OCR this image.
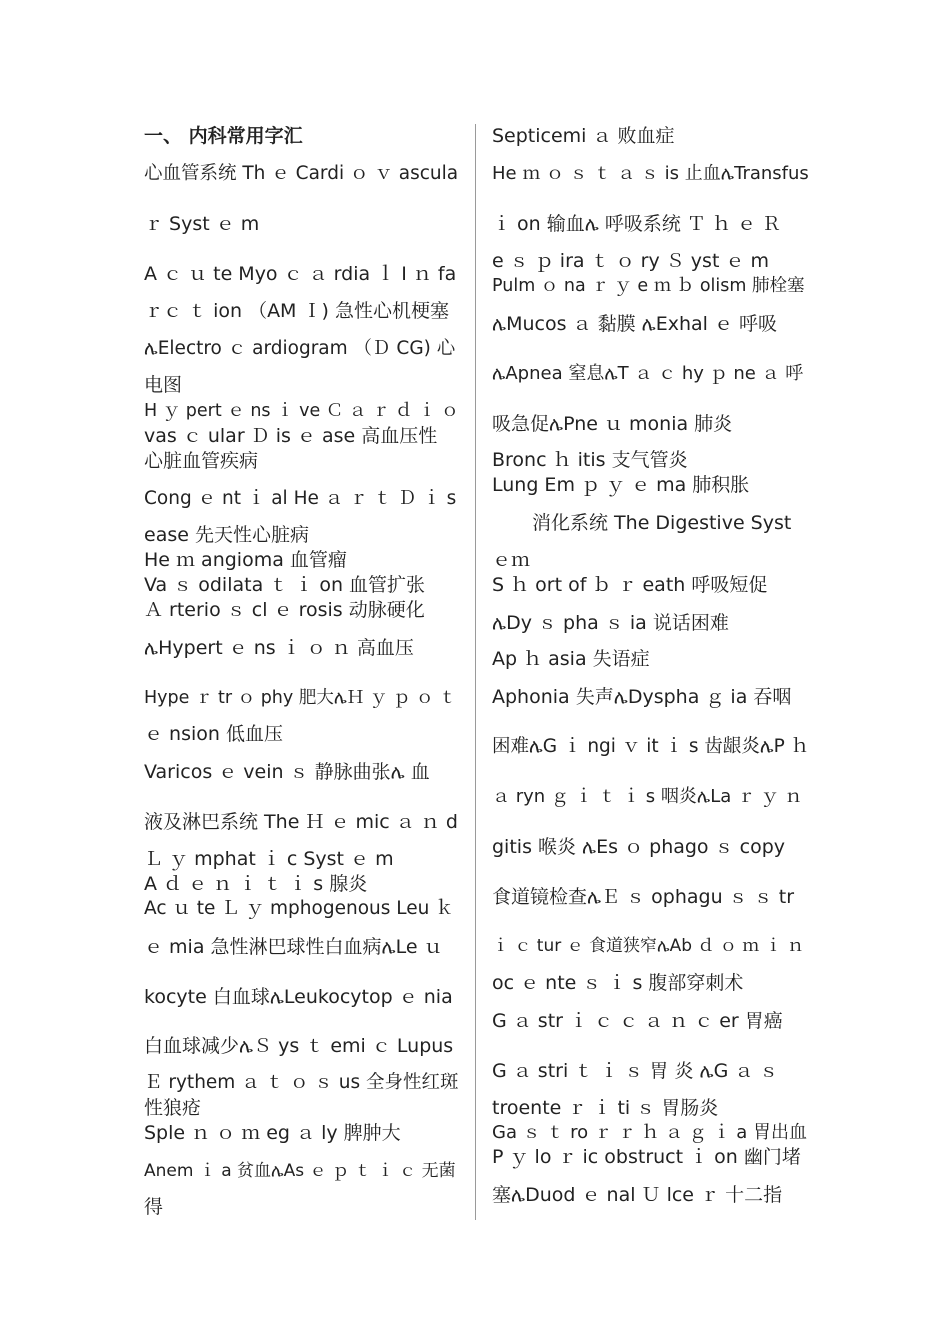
一、 内科常用字汇
心血管系统 Th ｅ Cardi ｏ ｖ ascula
ｒ Syst ｅ m
A ｃ ｕ te Myo ｃ ａ rdia ｌ I ｎ fa
ｒｃ ｔ ion （AM Ｉ) 急性心机梗塞
ሌElectro ｃ ardiogram （Ｄ CG) 心
电图
H ｙ pert ｅ ns ｉ ve Ｃ ａ ｒ ｄ ｉ ｏ
vas ｃ ular Ｄ is ｅ ase 高血压性
心脏血管疾病
Cong ｅ nt ｉ al He ａ ｒ ｔ Ｄ ｉ s
ease 先天性心脏病
He ｍ angioma 血管瘤
Va ｓ odilata ｔ ｉ on 血管扩张
Ａ rterio ｓ cl ｅ rosis 动脉硬化
ሌHypert ｅ ns ｉ ｏ ｎ 高血压
Hype ｒ tr ｏ phy 肥大ሌＨ ｙ ｐ ｏ ｔ
ｅ nsion 低血压
Varicos ｅ vein ｓ 静脉曲张ሌ 血
液及淋巴系统 The Ｈ ｅ mic ａ ｎ d
Ｌ ｙ mphat ｉ c Syst ｅ m
A ｄ ｅ ｎ ｉ ｔ ｉ s 腺炎
Ac ｕ te Ｌ ｙ mphogenous Leu ｋ
ｅ mia 急性淋巴球性白血病ሌLe ｕ
kocyte 白血球ሌLeukocytop ｅ nia
白血球减少ሌＳ ys ｔ emi ｃ Lupus
Ｅ rythem ａ ｔ ｏ ｓ us 全身性红斑
性狼疮
Sple ｎ ｏ ｍ eg ａ ly 脾肿大
Anem ｉ a 贫血ሌAs ｅ ｐ ｔ ｉ ｃ 无菌
得
Septicemi ａ 败血症
He ｍ ｏ ｓ ｔ ａ ｓ is 止血ሌTransfus
ｉ on 输血ሌ 呼吸系统 Ｔ ｈ ｅ Ｒ
e ｓ ｐ ira ｔ ｏ ry Ｓ yst ｅ m
Pulm ｏ na ｒ ｙ e ｍ ｂ olism 肺栓塞
ሌMucos ａ 黏膜 ሌExhal ｅ 呼吸
ሌApnea 窒息ሌT ａ ｃ hy ｐ ne ａ 呼
吸急促ሌPne ｕ monia 肺炎
Bronc ｈ itis 支气管炎
Lung Em ｐ ｙ ｅ ma 肺积胀
消化系统 The Digestive Syst
ｅｍ
S ｈ ort of ｂ ｒ eath 呼吸短促
ሌDy ｓ pha ｓ ia 说话困难
Ap ｈ asia 失语症
Aphonia 失声ሌDyspha ｇ ia 吞咽
困难ሌG ｉ ngi ｖ it ｉ s 齿龈炎ሌP ｈ
ａ ryn ｇ ｉ ｔ ｉ s 咽炎ሌLa ｒ ｙ ｎ
gitis 喉炎 ሌEs ｏ phago ｓ copy
食道镜检查ሌＥ ｓ ophagu ｓ ｓ tr
ｉ ｃ tur ｅ 食道狭窄ሌAb ｄ ｏ ｍ ｉ ｎ
oc ｅ nte ｓ ｉ s 腹部穿刺术
G ａ str ｉ ｃ ｃ ａ ｎ ｃ er 胃癌
G ａ stri ｔ ｉ ｓ 胃 炎 ሌG ａ ｓ
troente ｒ ｉ ti ｓ 胃肠炎
Ga ｓ ｔ ro ｒ ｒ ｈ ａ ｇ ｉ a 胃出血
P ｙ lo ｒ ic obstruct ｉ on 幽门堵
塞ሌDuod ｅ nal Ｕ lce ｒ 十二指
